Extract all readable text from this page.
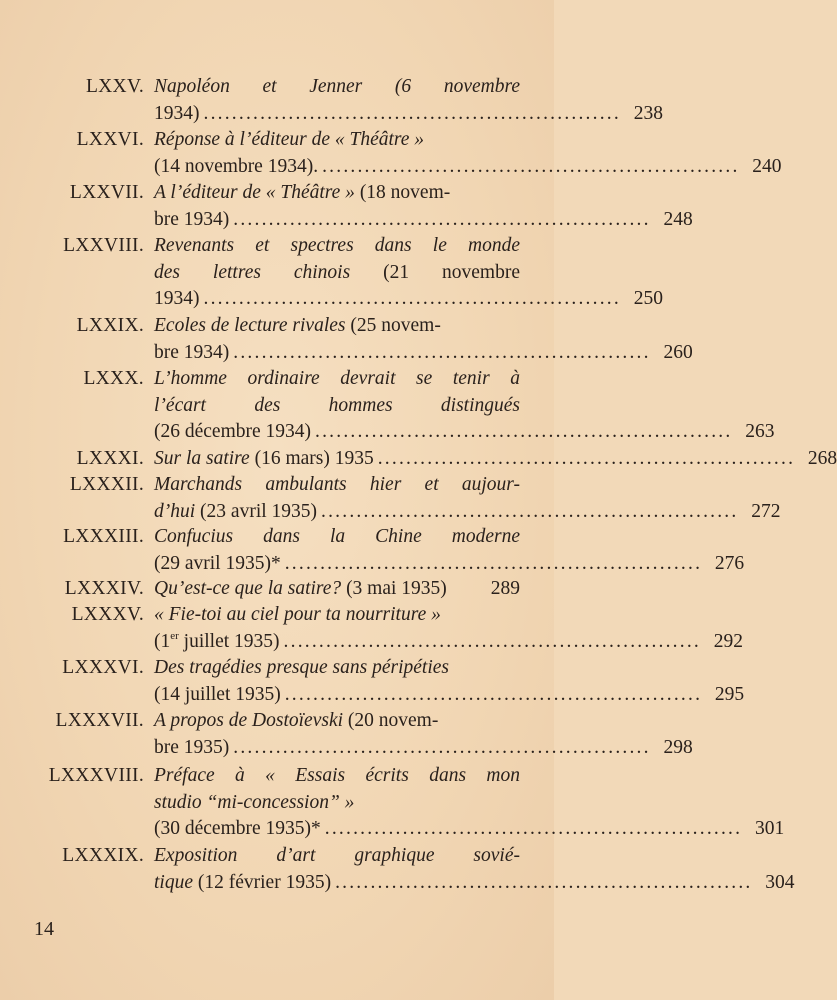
LXXV. Napoléon et Jenner (6 novembre
1934) ........................................................... 238
LXXVI. Réponse à l’éditeur de « Théâtre »
(14 novembre 1934). ........................................................... 240
LXXVII. A l’éditeur de « Théâtre » (18 novem-
bre 1934) ........................................................... 248
LXXVIII. Revenants et spectres dans le monde
des lettres chinois (21 novembre
1934) ........................................................... 250
LXXIX. Ecoles de lecture rivales (25 novem-
bre 1934) ........................................................... 260
LXXX. L’homme ordinaire devrait se tenir à
l’écart des hommes distingués
(26 décembre 1934) ........................................................... 263
LXXXI. Sur la satire (16 mars) 1935 ........................................................... 268
LXXXII. Marchands ambulants hier et aujour-
d’hui (23 avril 1935) ........................................................... 272
LXXXIII. Confucius dans la Chine moderne
(29 avril 1935)* ........................................................... 276
LXXXIV. Qu’est-ce que la satire? (3 mai 1935)	289
LXXXV. « Fie-toi au ciel pour ta nourriture »
(1er juillet 1935) ........................................................... 292
LXXXVI. Des tragédies presque sans péripéties
(14 juillet 1935) ........................................................... 295
LXXXVII. A propos de Dostoïevski (20 novem-
bre 1935) ........................................................... 298
LXXXVIII. Préface à « Essais écrits dans mon
studio “mi-concession” »
(30 décembre 1935)* ........................................................... 301
LXXXIX. Exposition d’art graphique sovié-
tique (12 février 1935) ........................................................... 304
14
